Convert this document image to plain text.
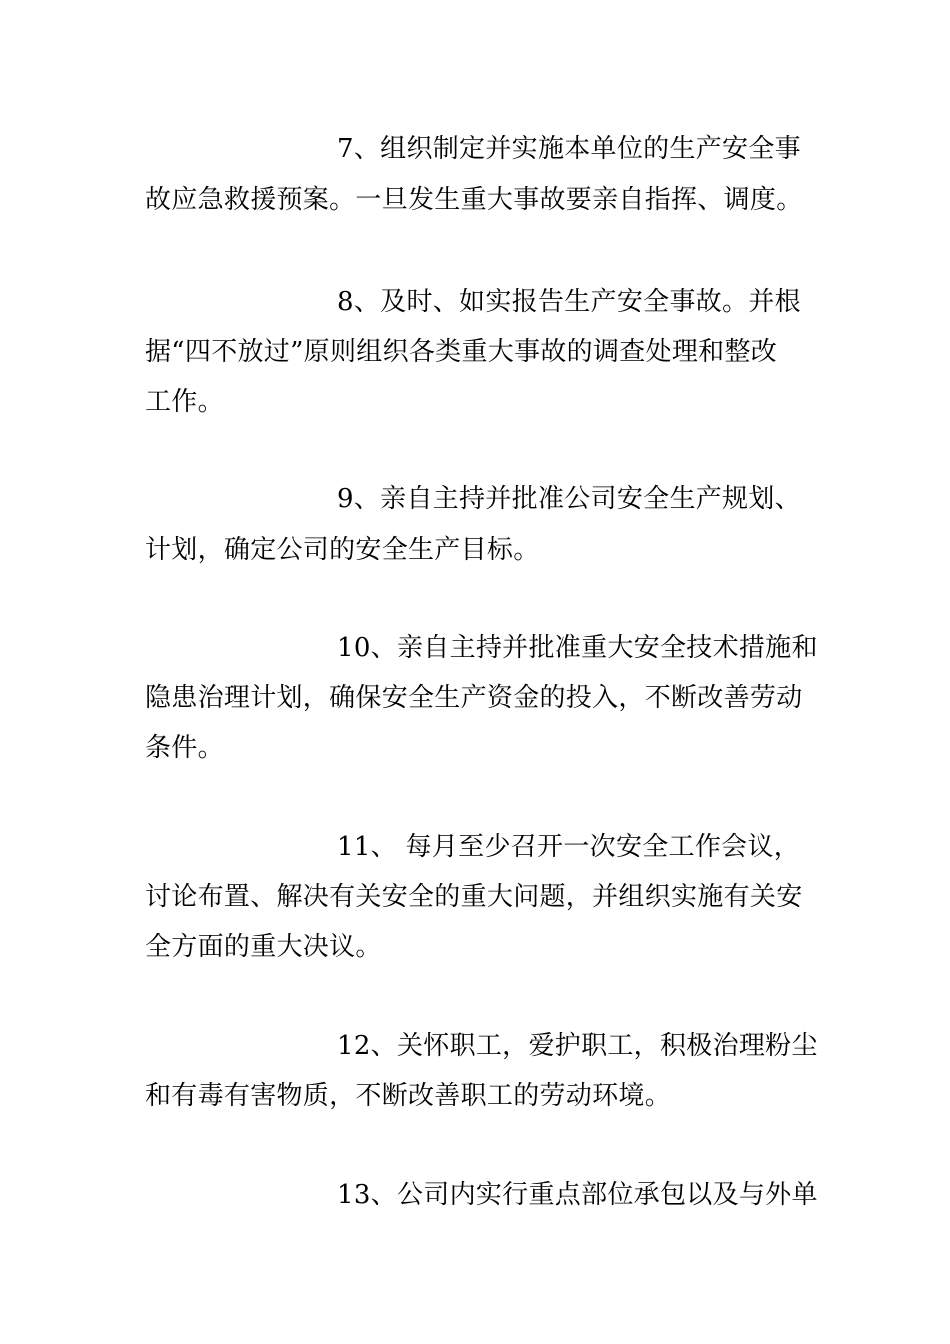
7、组织制定并实施本单位的生产安全事
故应急救援预案。一旦发生重大事故要亲自指挥、调度。
8、及时、如实报告生产安全事故。并根
据“四不放过”原则组织各类重大事故的调查处理和整改
工作。
9、亲自主持并批准公司安全生产规划、
计划，确定公司的安全生产目标。
10、亲自主持并批准重大安全技术措施和
隐患治理计划，确保安全生产资金的投入，不断改善劳动
条件。
11、 每月至少召开一次安全工作会议，
讨论布置、解决有关安全的重大问题，并组织实施有关安
全方面的重大决议。
12、关怀职工，爱护职工，积极治理粉尘
和有毒有害物质，不断改善职工的劳动环境。
13、公司内实行重点部位承包以及与外单
